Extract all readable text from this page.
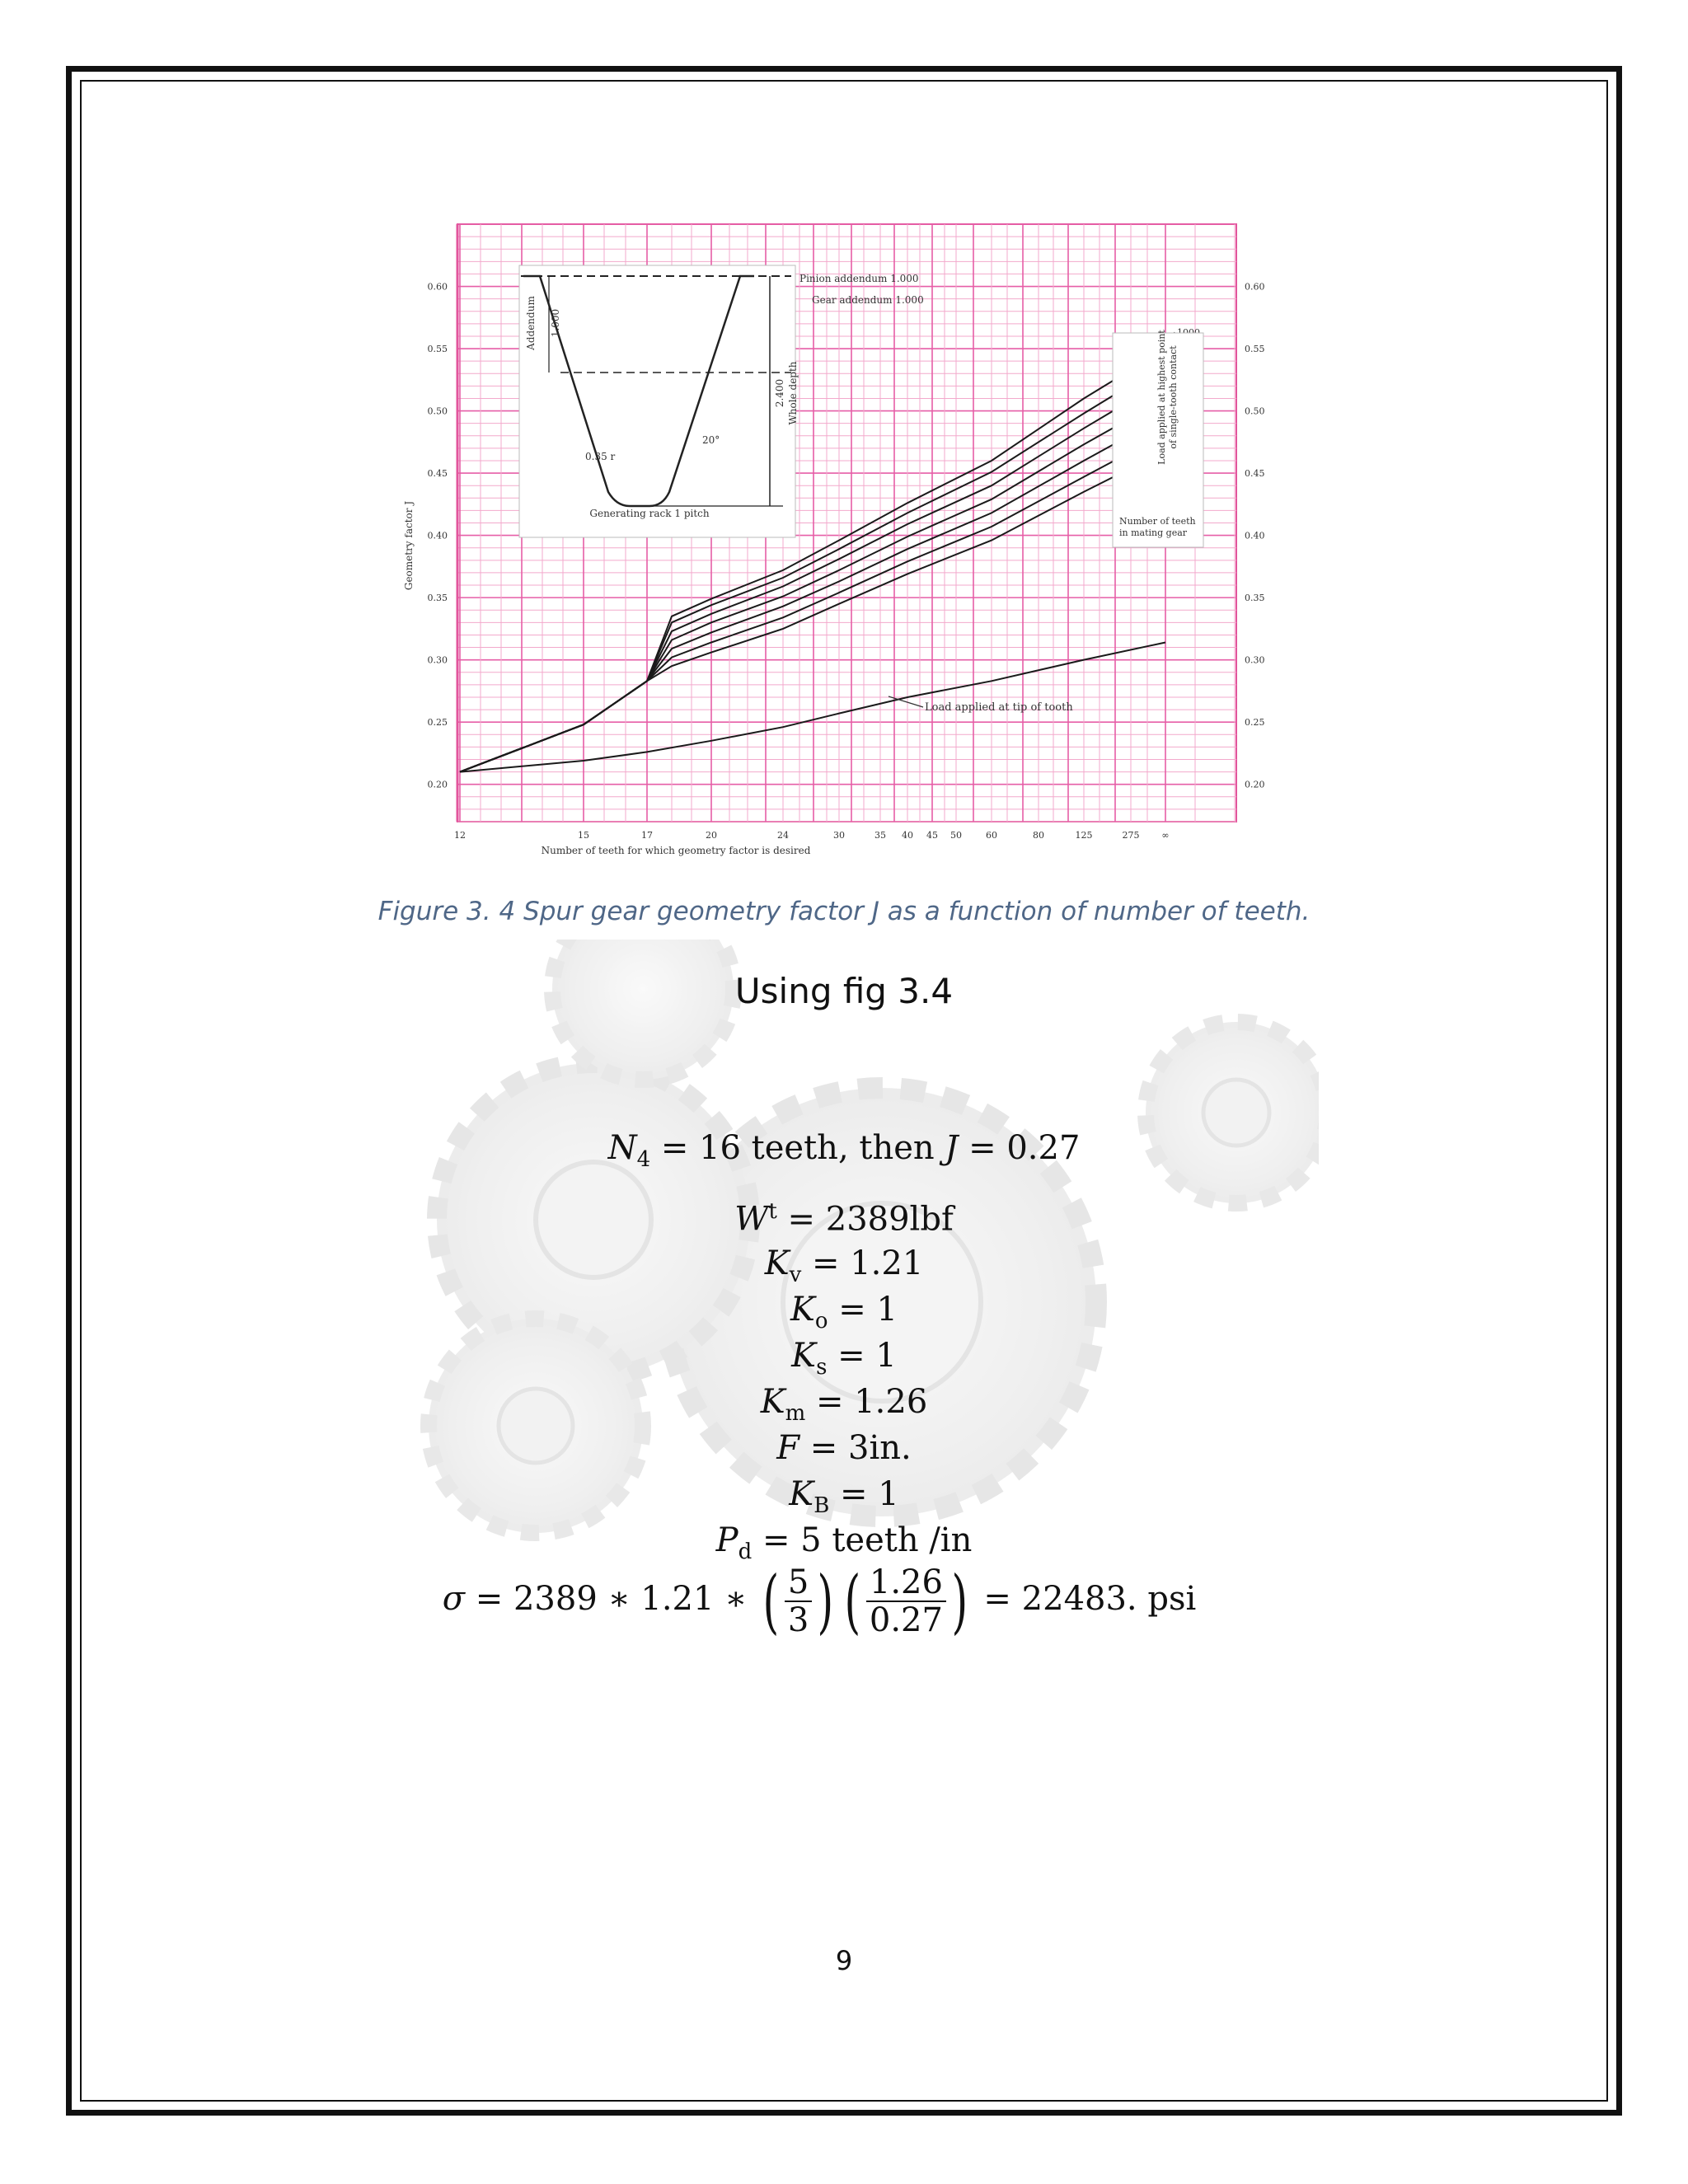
0.20
0.25
0.30
0.35
0.40
0.45
0.50
0.55
0.60
0.20
0.25
0.30
0.35
0.40
0.45
0.50
0.55
0.60
12	15	17	20	24	30	35 40 45 50	60	80	125	275 ∞
Number of teeth for which geometry factor is desired
Geometry factor J
Load applied at tip of tooth
Pinion addendum 1.000
Gear addendum 1.000
Addendum 1.000
2.400 Whole depth
20°
0.35 r
Generating rack 1 pitch
Load applied at highest point of single-tooth contact
Number of teeth
in mating gear
Figure 3. 4 Spur gear geometry factor J as a function of number of teeth.
Using fig 3.4
$N_4 = 16$ teeth, then J = 0.27
$W^t = 2389lbf$
$K_v = 1.21$
$K_o = 1$
$K_s = 1$
$K_m = 1.26$
F = 3in.
$K_B = 1$
$P_d = 5$ teeth /in
σ = 2389 ∗ 1.21 ∗ ( $\frac{5}{3}$ ) ( $\frac{1.26}{0.27}$ ) = 22483. psi
9
